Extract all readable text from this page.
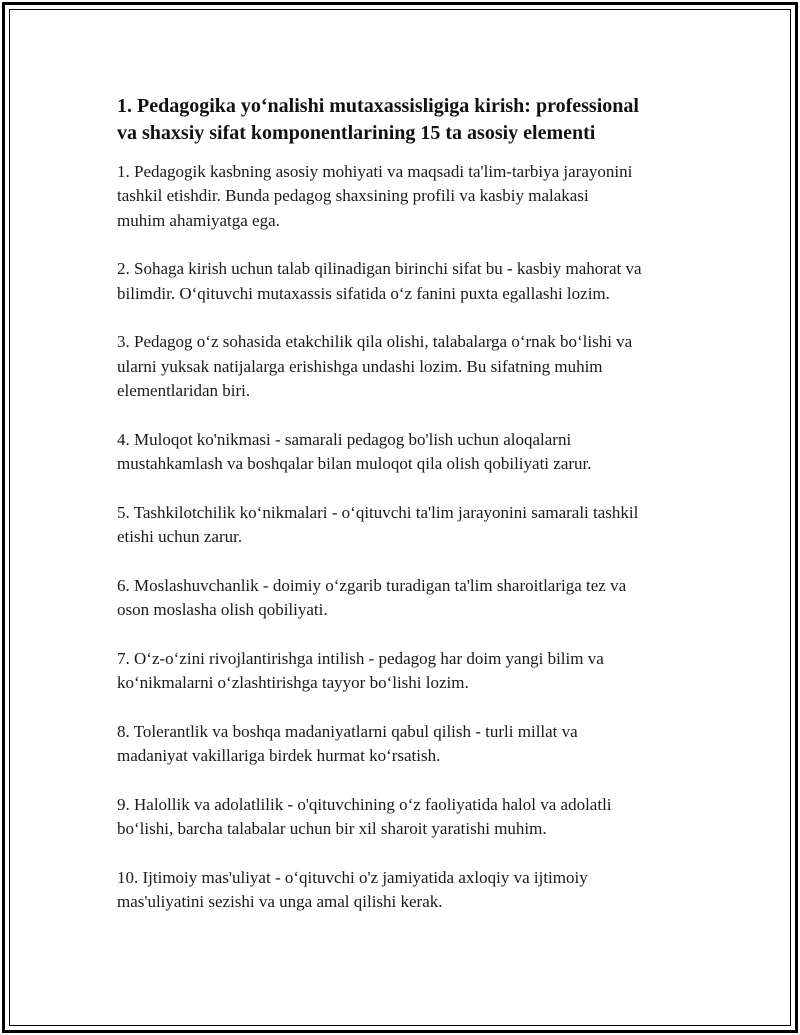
1. Pedagogika yo‘nalishi mutaxassisligiga kirish: professional
va shaxsiy sifat komponentlarining 15 ta asosiy elementi
1. Pedagogik kasbning asosiy mohiyati va maqsadi ta'lim-tarbiya jarayonini
tashkil etishdir. Bunda pedagog shaxsining profili va kasbiy malakasi
muhim ahamiyatga ega.
2. Sohaga kirish uchun talab qilinadigan birinchi sifat bu - kasbiy mahorat va
bilimdir. O‘qituvchi mutaxassis sifatida o‘z fanini puxta egallashi lozim.
3. Pedagog o‘z sohasida etakchilik qila olishi, talabalarga o‘rnak bo‘lishi va
ularni yuksak natijalarga erishishga undashi lozim. Bu sifatning muhim
elementlaridan biri.
4. Muloqot ko'nikmasi - samarali pedagog bo'lish uchun aloqalarni
mustahkamlash va boshqalar bilan muloqot qila olish qobiliyati zarur.
5. Tashkilotchilik ko‘nikmalari - o‘qituvchi ta'lim jarayonini samarali tashkil
etishi uchun zarur.
6. Moslashuvchanlik - doimiy o‘zgarib turadigan ta'lim sharoitlariga tez va
oson moslasha olish qobiliyati.
7. O‘z-o‘zini rivojlantirishga intilish - pedagog har doim yangi bilim va
ko‘nikmalarni o‘zlashtirishga tayyor bo‘lishi lozim.
8. Tolerantlik va boshqa madaniyatlarni qabul qilish - turli millat va
madaniyat vakillariga birdek hurmat ko‘rsatish.
9. Halollik va adolatlilik - o'qituvchining o‘z faoliyatida halol va adolatli
bo‘lishi, barcha talabalar uchun bir xil sharoit yaratishi muhim.
10. Ijtimoiy mas'uliyat - o‘qituvchi o'z jamiyatida axloqiy va ijtimoiy
mas'uliyatini sezishi va unga amal qilishi kerak.
